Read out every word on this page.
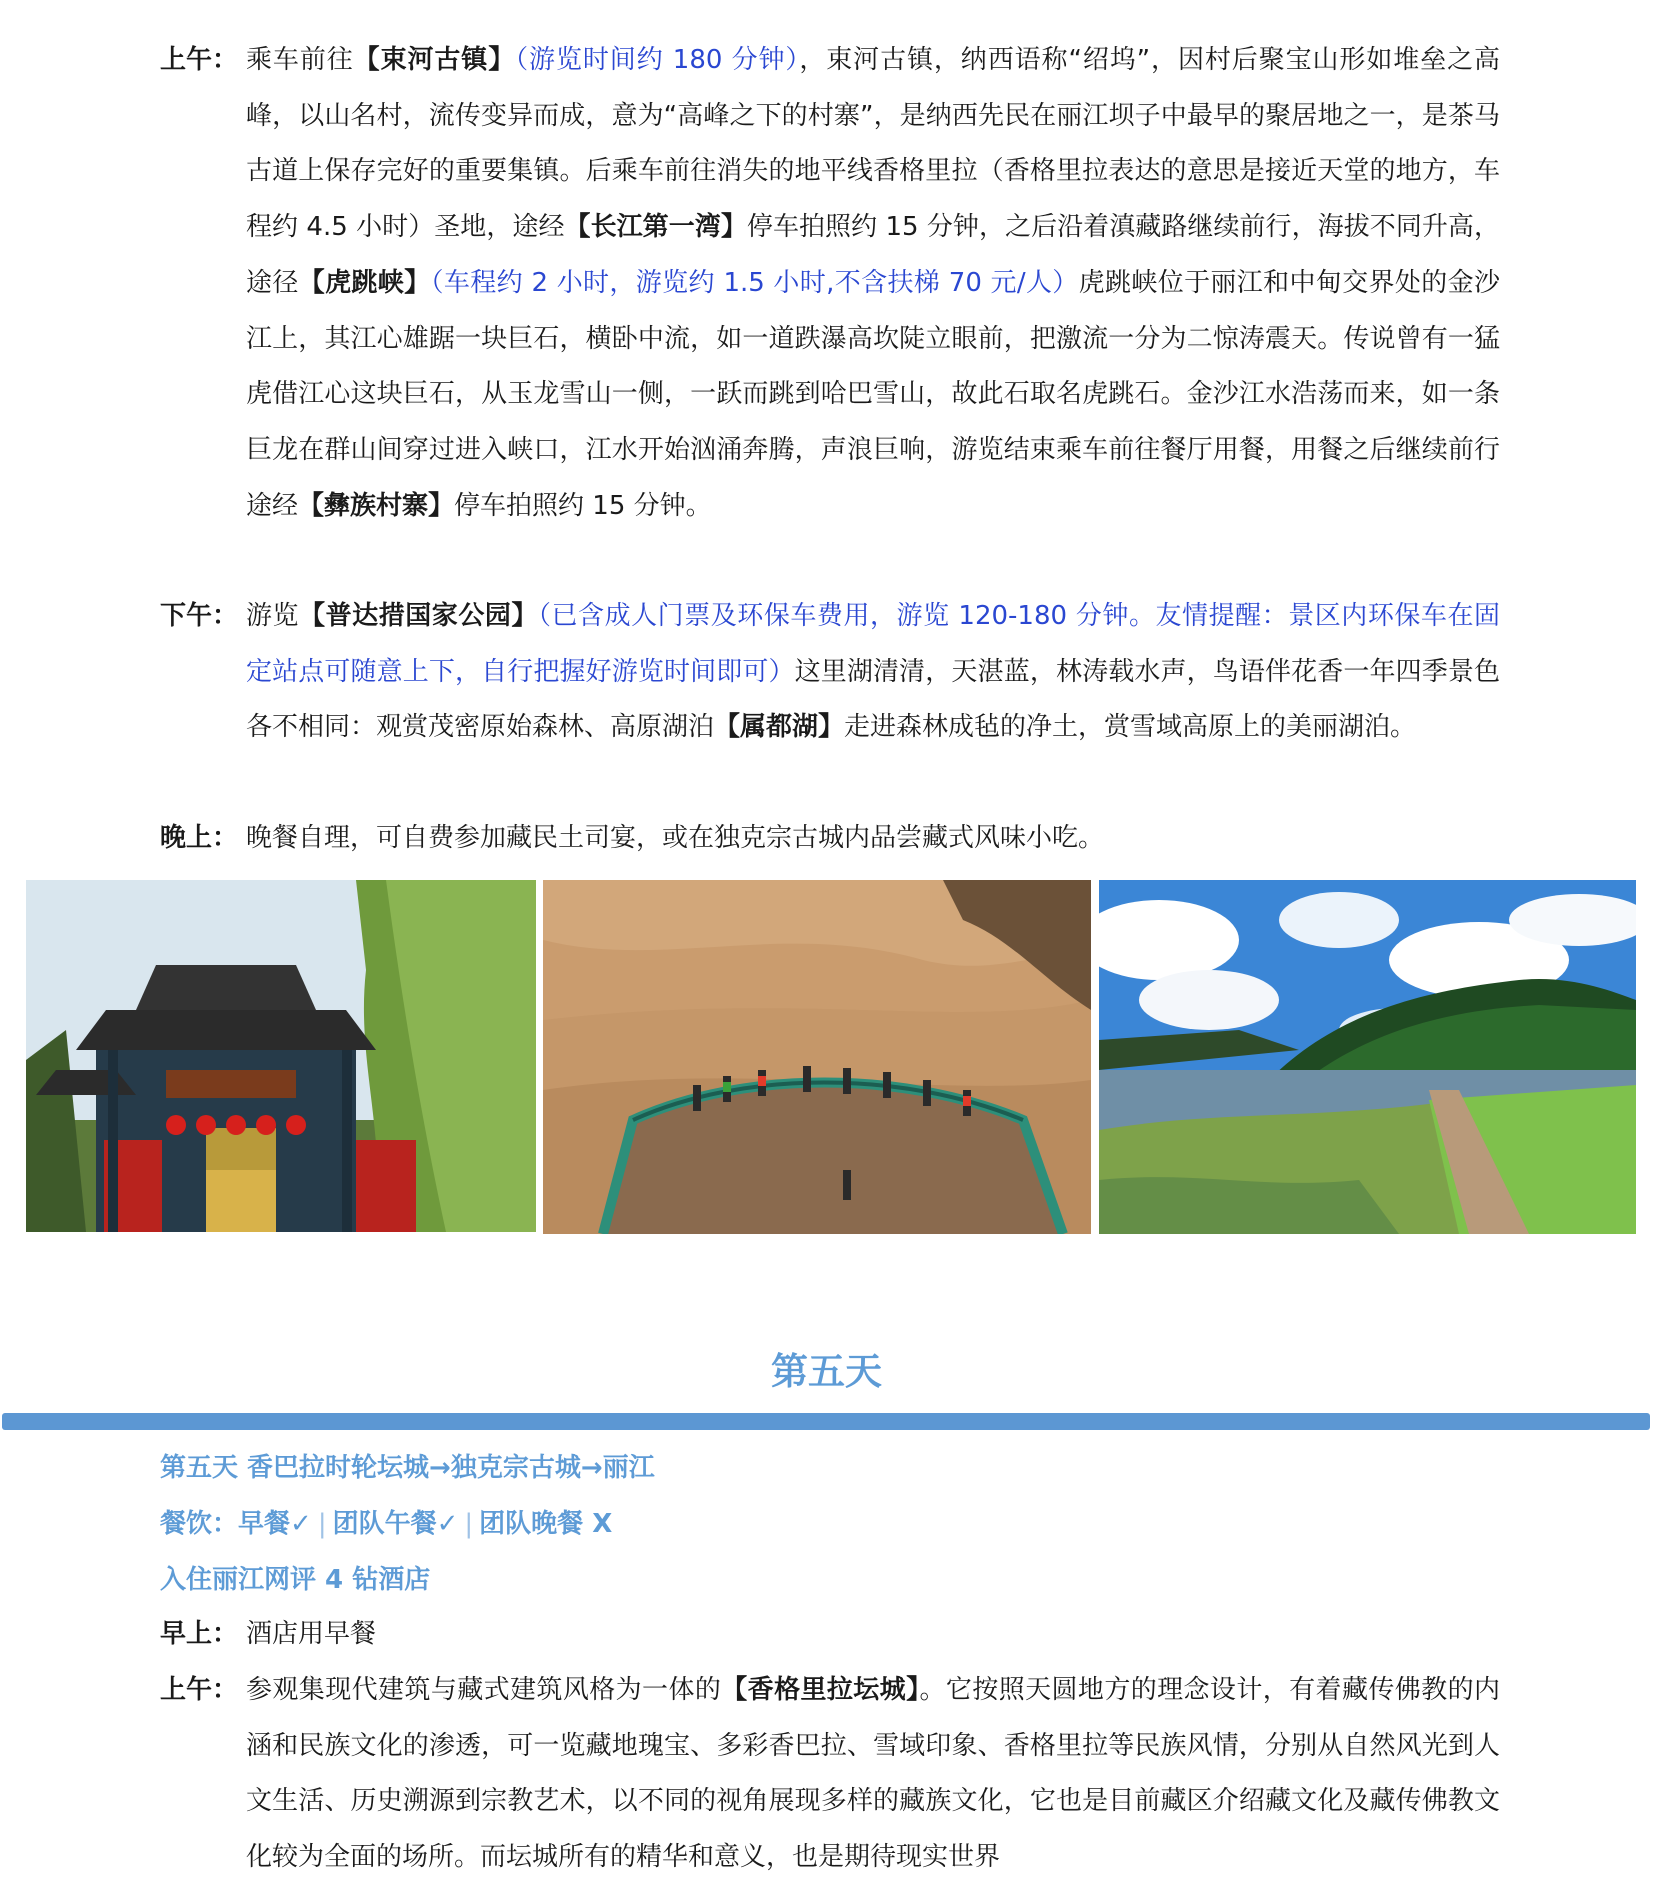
上午： 乘车前往【束河古镇】（游览时间约 180 分钟），束河古镇，纳西语称“绍坞”，因村后聚宝山形如堆垒之高峰，以山名村，流传变异而成，意为“高峰之下的村寨”，是纳西先民在丽江坝子中最早的聚居地之一，是茶马古道上保存完好的重要集镇。后乘车前往消失的地平线香格里拉（香格里拉表达的意思是接近天堂的地方，车程约 4.5 小时）圣地，途经【长江第一湾】停车拍照约 15 分钟，之后沿着滇藏路继续前行，海拔不同升高，途径【虎跳峡】（车程约 2 小时，游览约 1.5 小时,不含扶梯 70 元/人）虎跳峡位于丽江和中甸交界处的金沙江上，其江心雄踞一块巨石，横卧中流，如一道跌瀑高坎陡立眼前，把激流一分为二惊涛震天。传说曾有一猛虎借江心这块巨石，从玉龙雪山一侧，一跃而跳到哈巴雪山，故此石取名虎跳石。金沙江水浩荡而来，如一条巨龙在群山间穿过进入峡口，江水开始汹涌奔腾，声浪巨响，游览结束乘车前往餐厅用餐，用餐之后继续前行途经【彝族村寨】停车拍照约 15 分钟。
下午： 游览【普达措国家公园】（已含成人门票及环保车费用，游览 120-180 分钟。友情提醒：景区内环保车在固定站点可随意上下，自行把握好游览时间即可）这里湖清清，天湛蓝，林涛载水声，鸟语伴花香一年四季景色各不相同：观赏茂密原始森林、高原湖泊【属都湖】走进森林成毡的净土，赏雪域高原上的美丽湖泊。
晚上： 晚餐自理，可自费参加藏民土司宴，或在独克宗古城内品尝藏式风味小吃。
第五天
第五天 香巴拉时轮坛城→独克宗古城→丽江
餐饮：早餐✓ | 团队午餐✓ | 团队晚餐 X
入住丽江网评 4 钻酒店
早上： 酒店用早餐
上午： 参观集现代建筑与藏式建筑风格为一体的【香格里拉坛城】。它按照天圆地方的理念设计，有着藏传佛教的内涵和民族文化的渗透，可一览藏地瑰宝、多彩香巴拉、雪域印象、香格里拉等民族风情，分别从自然风光到人文生活、历史溯源到宗教艺术，以不同的视角展现多样的藏族文化，它也是目前藏区介绍藏文化及藏传佛教文化较为全面的场所。而坛城所有的精华和意义，也是期待现实世界
